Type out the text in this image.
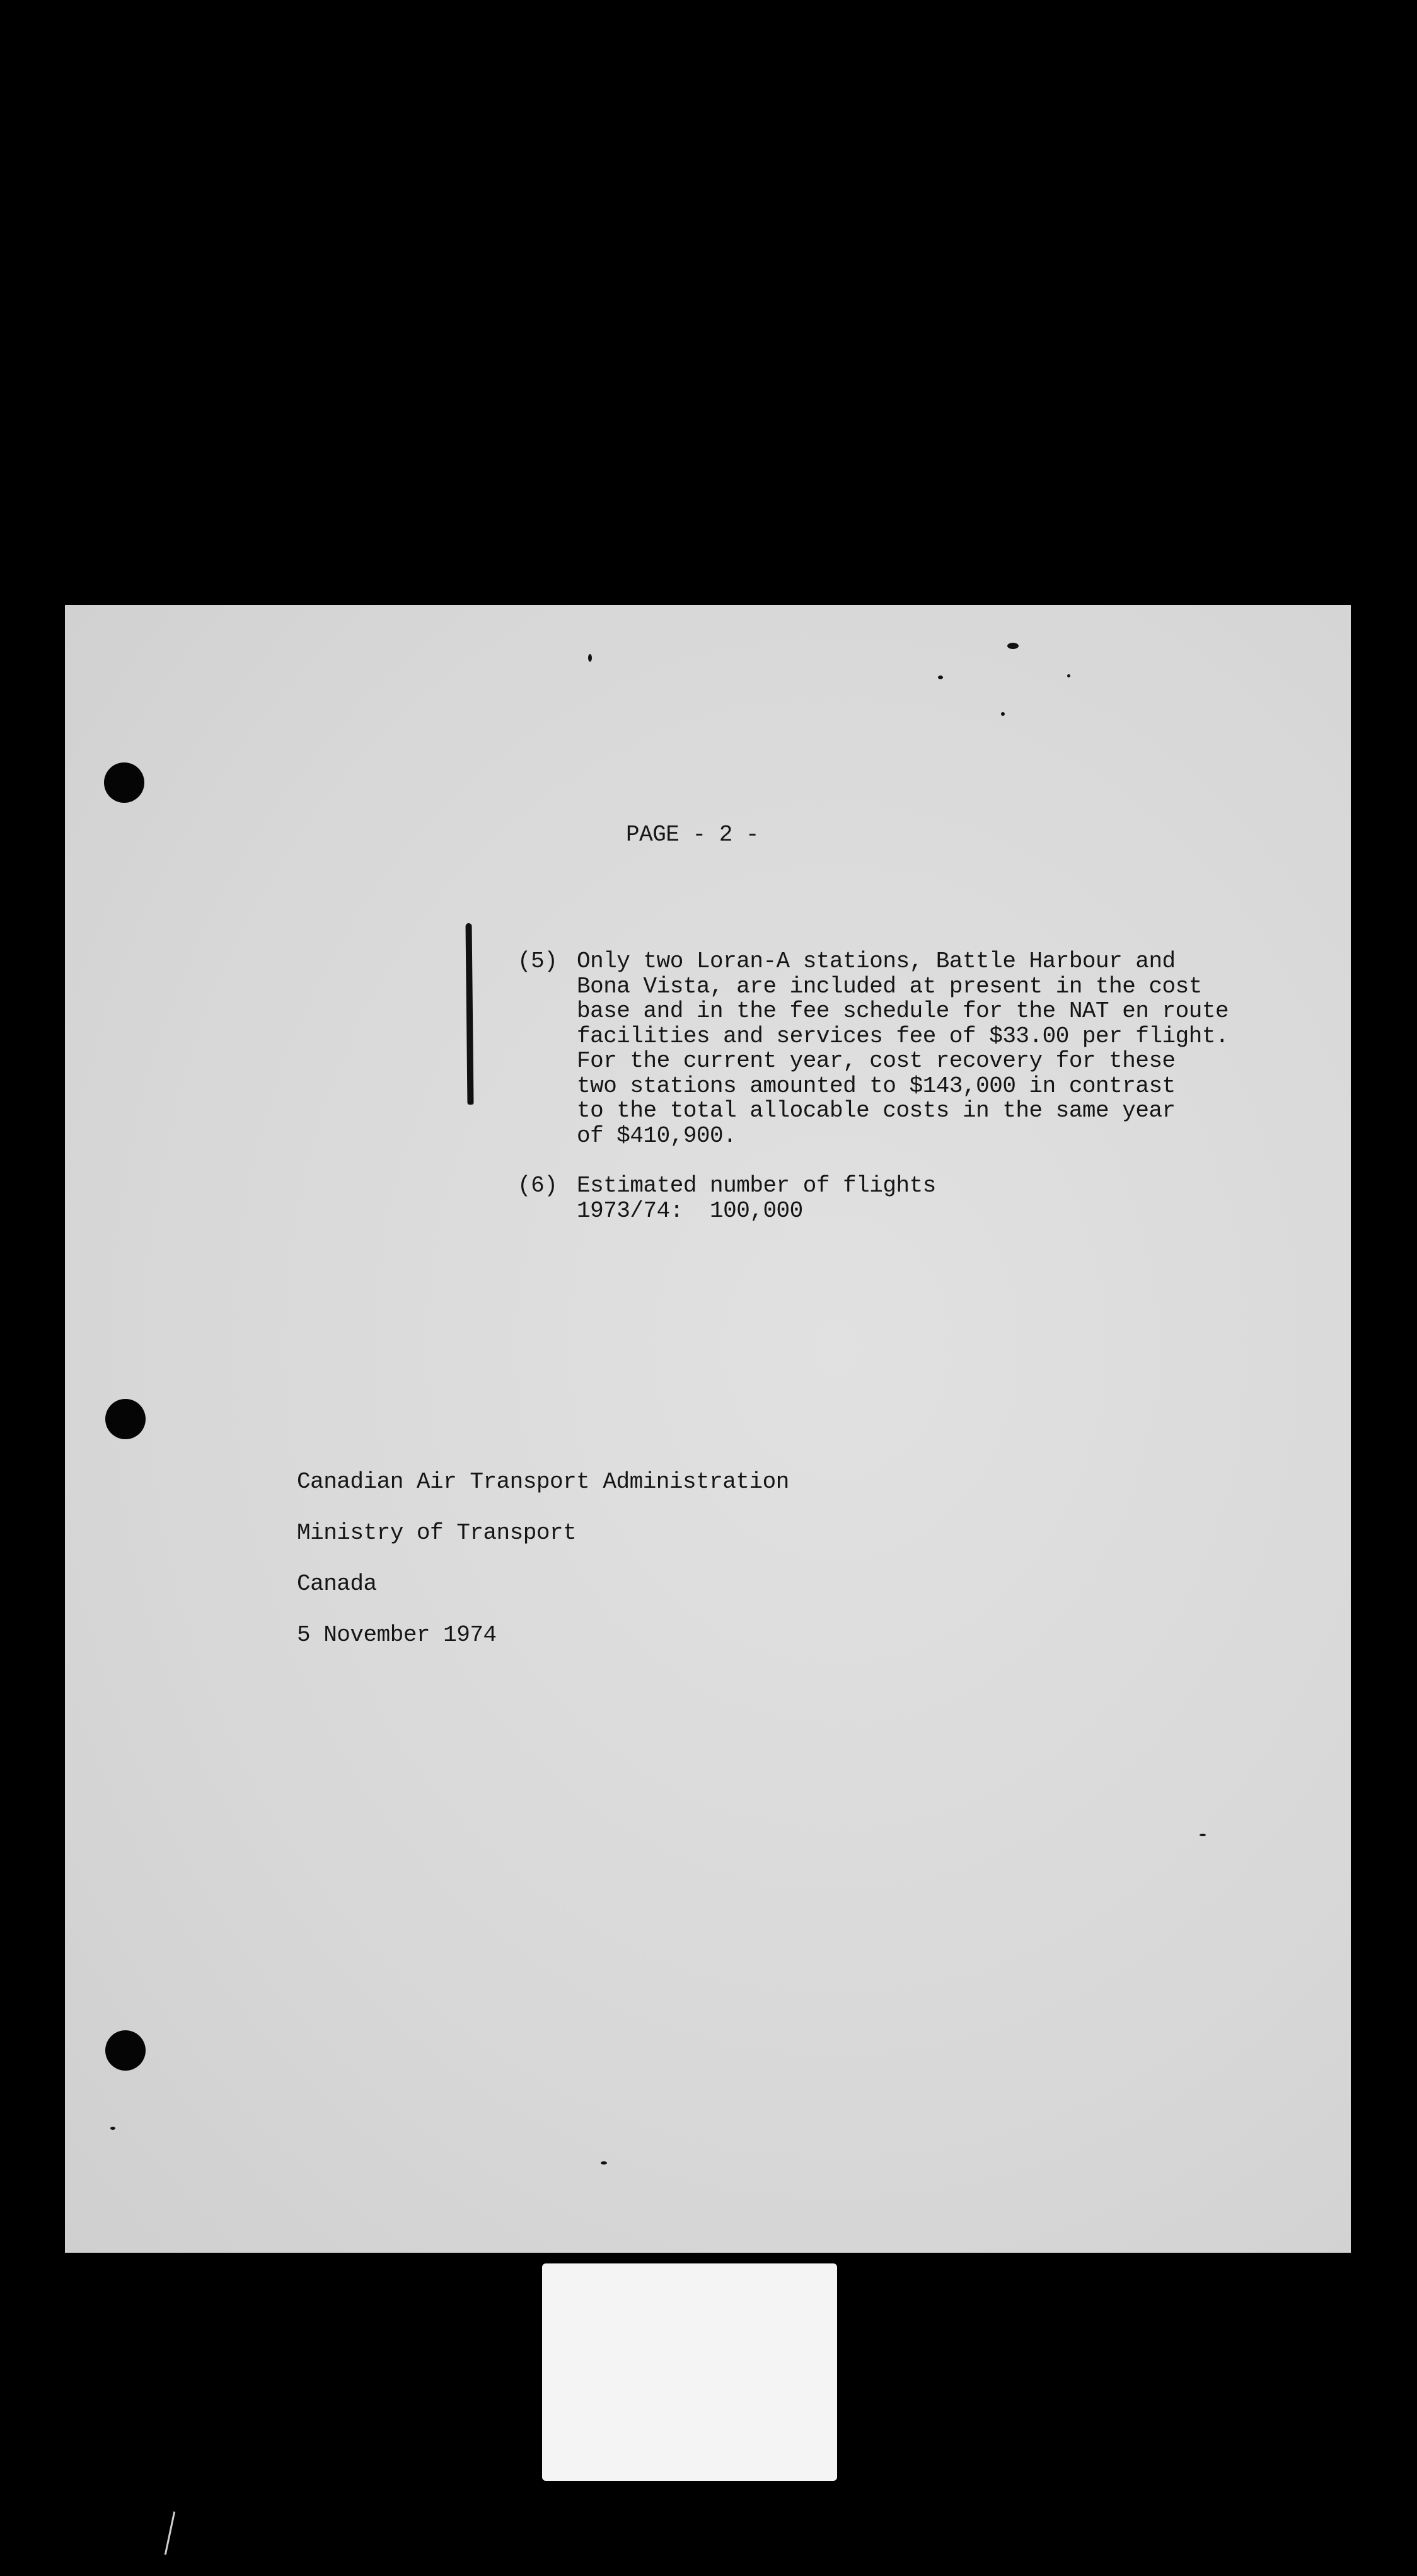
PAGE - 2 -
(5) Only two Loran-A stations, Battle Harbour and
Bona Vista, are included at present in the cost
base and in the fee schedule for the NAT en route
facilities and services fee of $33.00 per flight.
For the current year, cost recovery for these
two stations amounted to $143,000 in contrast
to the total allocable costs in the same year
of $410,900.
(6) Estimated number of flights
1973/74:  100,000
Canadian Air Transport Administration
Ministry of Transport
Canada
5 November 1974
